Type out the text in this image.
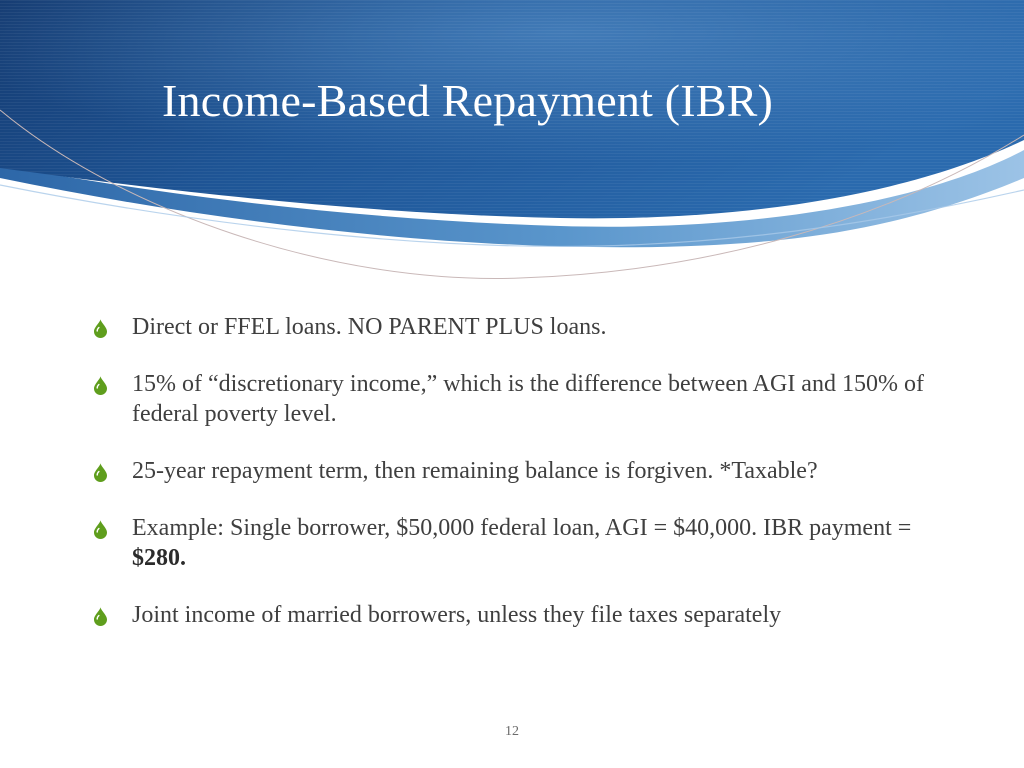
Income-Based Repayment (IBR)
Direct or FFEL loans. NO PARENT PLUS loans.
15% of “discretionary income,” which is the difference between AGI and 150% of federal poverty level.
25-year repayment term, then remaining balance is forgiven. *Taxable?
Example: Single borrower, $50,000 federal loan, AGI = $40,000. IBR payment = $280.
Joint income of married borrowers, unless they file taxes separately
12
